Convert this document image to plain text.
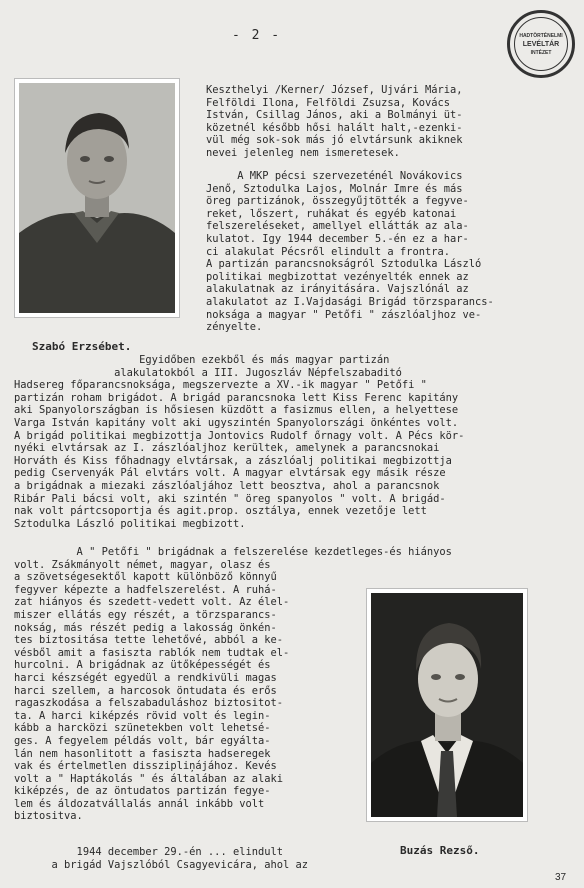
- 2 -	HADTÖRTÉNELMI
LEVÉLTÁR
INTÉZET
Szabó Erzsébet.
Buzás Rezső.
Keszthelyi /Kerner/ József, Ujvári Mária,
Felföldi Ilona, Felföldi Zsuzsa, Kovács
István, Csillag János, aki a Bolmányi üt-
közetnél később hősi halált halt,-ezenki-
vül még sok-sok más jó elvtársunk akiknek
nevei jelenleg nem ismeretesek.
A MKP pécsi szervezeténél Novákovics
Jenő, Sztodulka Lajos, Molnár Imre és más
öreg partizánok, összegyűjtötték a fegyve-
reket, lőszert, ruhákat és egyéb katonai
felszereléseket, amellyel ellátták az ala-
kulatot. Igy 1944 december 5.-én ez a har-
ci alakulat Pécsről elindult a frontra.
A partizán parancsnokságról Sztodulka László
politikai megbizottat vezényelték ennek az
alakulatnak az irányitására. Vajszlónál az
alakulatot az I.Vajdasági Brigád törzsparancs-
noksága a magyar " Petőfi " zászlóaljhoz ve-
zényelte.
Egyidőben ezekből és más magyar partizán
alakulatokból a III. Jugoszláv Népfelszabaditó
Hadsereg főparancsnoksága, megszervezte a XV.-ik magyar " Petőfi "
partizán roham brigádot. A brigád parancsnoka lett Kiss Ferenc kapitány
aki Spanyolországban is hősiesen küzdött a fasizmus ellen, a helyettese
Varga István kapitány volt aki ugyszintén Spanyolországi önkéntes volt.
A brigád politikai megbizottja Jontovics Rudolf őrnagy volt. A Pécs kör-
nyéki elvtársak az I. zászlóaljhoz kerültek, amelynek a parancsnokai
Horváth és Kiss főhadnagy elvtársak, a zászlóalj politikai megbizottja
pedig Cservenyák Pál elvtárs volt. A magyar elvtársak egy másik része
a brigádnak a miezaki zászlóaljához lett beosztva, ahol a parancsnok
Ribár Pali bácsi volt, aki szintén " öreg spanyolos " volt. A brigád-
nak volt pártcsoportja és agit.prop. osztálya, ennek vezetője lett
Sztodulka László politikai megbizott.
A " Petőfi " brigádnak a felszerelése kezdetleges-és hiányos
volt. Zsákmányolt német, magyar, olasz és
a szövetségesektől kapott különböző könnyű
fegyver képezte a hadfelszerelést. A ruhá-
zat hiányos és szedett-vedett volt. Az élel-
miszer ellátás egy részét, a törzsparancs-
nokság, más részét pedig a lakosság önkén-
tes biztositása tette lehetővé, abból a ke-
vésből amit a fasiszta rablók nem tudtak el-
hurcolni. A brigádnak az ütőképességét és
harci készségét egyedül a rendkivüli magas
harci szellem, a harcosok öntudata és erős
ragaszkodása a felszabaduláshoz biztositot-
ta. A harci kiképzés rövid volt és legin-
kább a harcközi szünetekben volt lehetsé-
ges. A fegyelem példás volt, bár egyálta-
lán nem hasonlitott a fasiszta hadseregek
vak és értelmetlen disszipliņájához. Kevés
volt a " Haptákolás " és általában az alaki
kiképzés, de az öntudatos partizán fegye-
lem és áldozatvállalás annál inkább volt
biztositva.
1944 december 29.-én ... elindult
a brigád Vajszlóból Csagyevicára, ahol az
37
